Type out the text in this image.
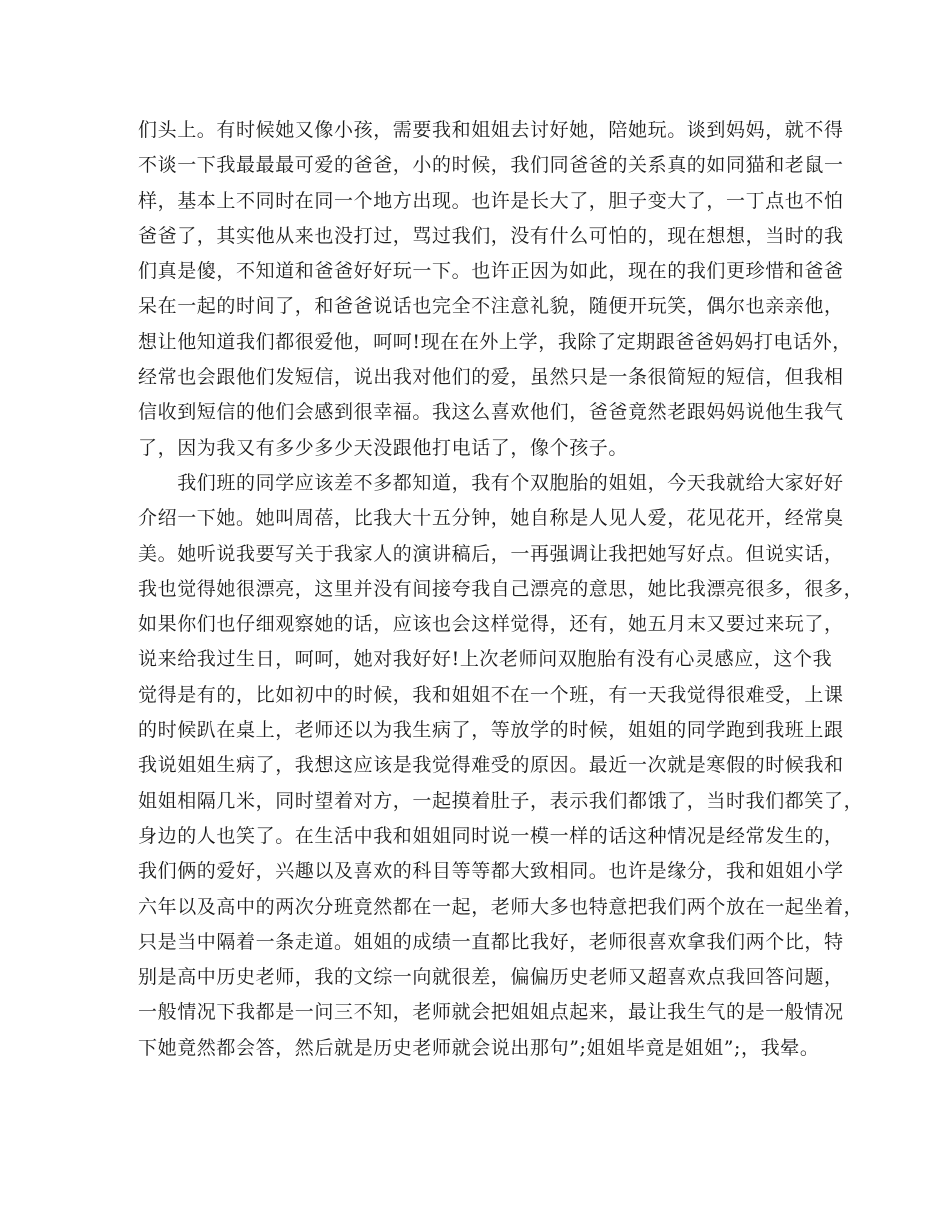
们头上。有时候她又像小孩，需要我和姐姐去讨好她，陪她玩。谈到妈妈，就不得
不谈一下我最最最可爱的爸爸，小的时候，我们同爸爸的关系真的如同猫和老鼠一
样，基本上不同时在同一个地方出现。也许是长大了，胆子变大了，一丁点也不怕
爸爸了，其实他从来也没打过，骂过我们，没有什么可怕的，现在想想，当时的我
们真是傻，不知道和爸爸好好玩一下。也许正因为如此，现在的我们更珍惜和爸爸
呆在一起的时间了，和爸爸说话也完全不注意礼貌，随便开玩笑，偶尔也亲亲他，
想让他知道我们都很爱他，呵呵!现在在外上学，我除了定期跟爸爸妈妈打电话外，
经常也会跟他们发短信，说出我对他们的爱，虽然只是一条很简短的短信，但我相
信收到短信的他们会感到很幸福。我这么喜欢他们，爸爸竟然老跟妈妈说他生我气
了，因为我又有多少多少天没跟他打电话了，像个孩子。
　　我们班的同学应该差不多都知道，我有个双胞胎的姐姐，今天我就给大家好好
介绍一下她。她叫周蓓，比我大十五分钟，她自称是人见人爱，花见花开，经常臭
美。她听说我要写关于我家人的演讲稿后，一再强调让我把她写好点。但说实话，
我也觉得她很漂亮，这里并没有间接夸我自己漂亮的意思，她比我漂亮很多，很多，
如果你们也仔细观察她的话，应该也会这样觉得，还有，她五月末又要过来玩了，
说来给我过生日，呵呵，她对我好好!上次老师问双胞胎有没有心灵感应，这个我
觉得是有的，比如初中的时候，我和姐姐不在一个班，有一天我觉得很难受，上课
的时候趴在桌上，老师还以为我生病了，等放学的时候，姐姐的同学跑到我班上跟
我说姐姐生病了，我想这应该是我觉得难受的原因。最近一次就是寒假的时候我和
姐姐相隔几米，同时望着对方，一起摸着肚子，表示我们都饿了，当时我们都笑了，
身边的人也笑了。在生活中我和姐姐同时说一模一样的话这种情况是经常发生的，
我们俩的爱好，兴趣以及喜欢的科目等等都大致相同。也许是缘分，我和姐姐小学
六年以及高中的两次分班竟然都在一起，老师大多也特意把我们两个放在一起坐着，
只是当中隔着一条走道。姐姐的成绩一直都比我好，老师很喜欢拿我们两个比，特
别是高中历史老师，我的文综一向就很差，偏偏历史老师又超喜欢点我回答问题，
一般情况下我都是一问三不知，老师就会把姐姐点起来，最让我生气的是一般情况
下她竟然都会答，然后就是历史老师就会说出那句”;姐姐毕竟是姐姐”;，我晕。
